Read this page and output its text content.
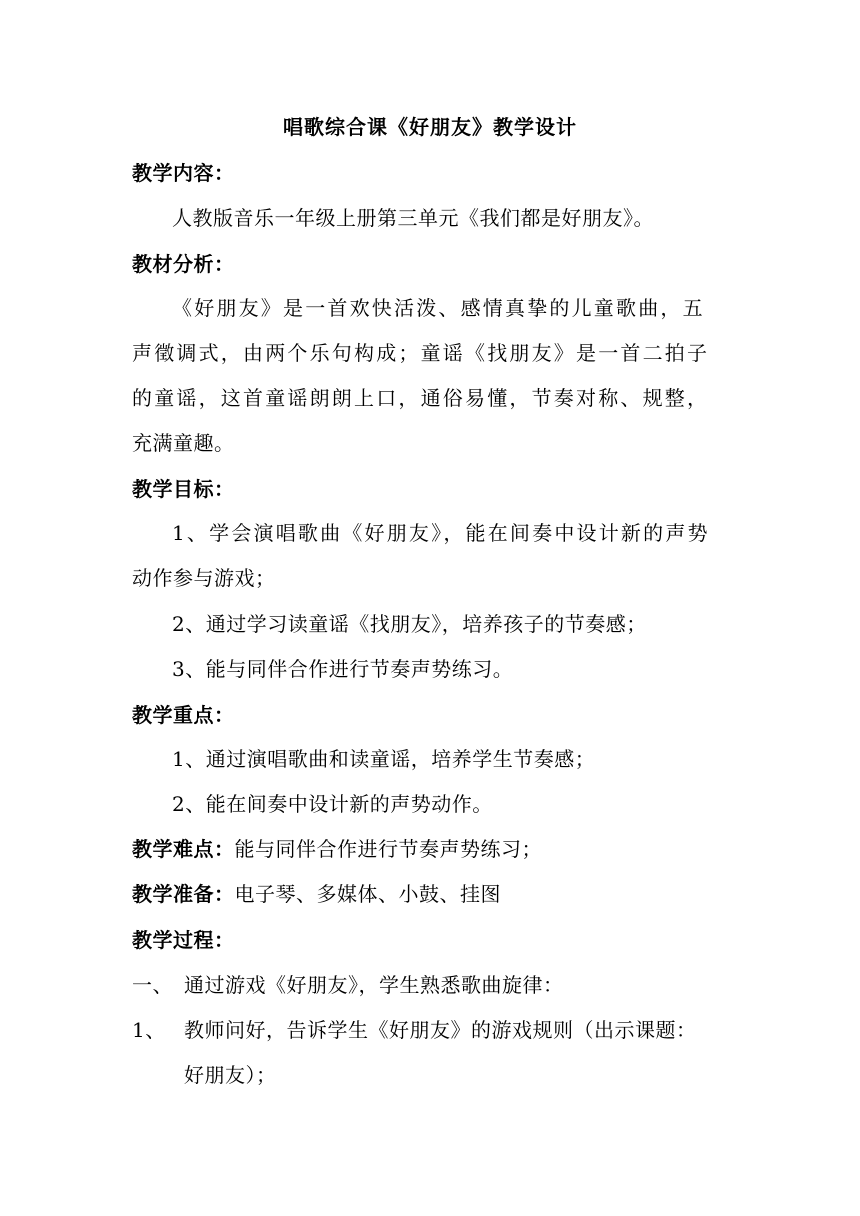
唱歌综合课《好朋友》教学设计
教学内容：
人教版音乐一年级上册第三单元《我们都是好朋友》。
教材分析：
《好朋友》是一首欢快活泼、感情真挚的儿童歌曲，五
声徵调式，由两个乐句构成；童谣《找朋友》是一首二拍子
的童谣，这首童谣朗朗上口，通俗易懂，节奏对称、规整，
充满童趣。
教学目标：
1、学会演唱歌曲《好朋友》，能在间奏中设计新的声势
动作参与游戏；
2、通过学习读童谣《找朋友》，培养孩子的节奏感；
3、能与同伴合作进行节奏声势练习。
教学重点：
1、通过演唱歌曲和读童谣，培养学生节奏感；
2、能在间奏中设计新的声势动作。
教学难点：能与同伴合作进行节奏声势练习；
教学准备：电子琴、多媒体、小鼓、挂图
教学过程：
一、 通过游戏《好朋友》，学生熟悉歌曲旋律：
1、 教师问好，告诉学生《好朋友》的游戏规则（出示课题：
好朋友）；
